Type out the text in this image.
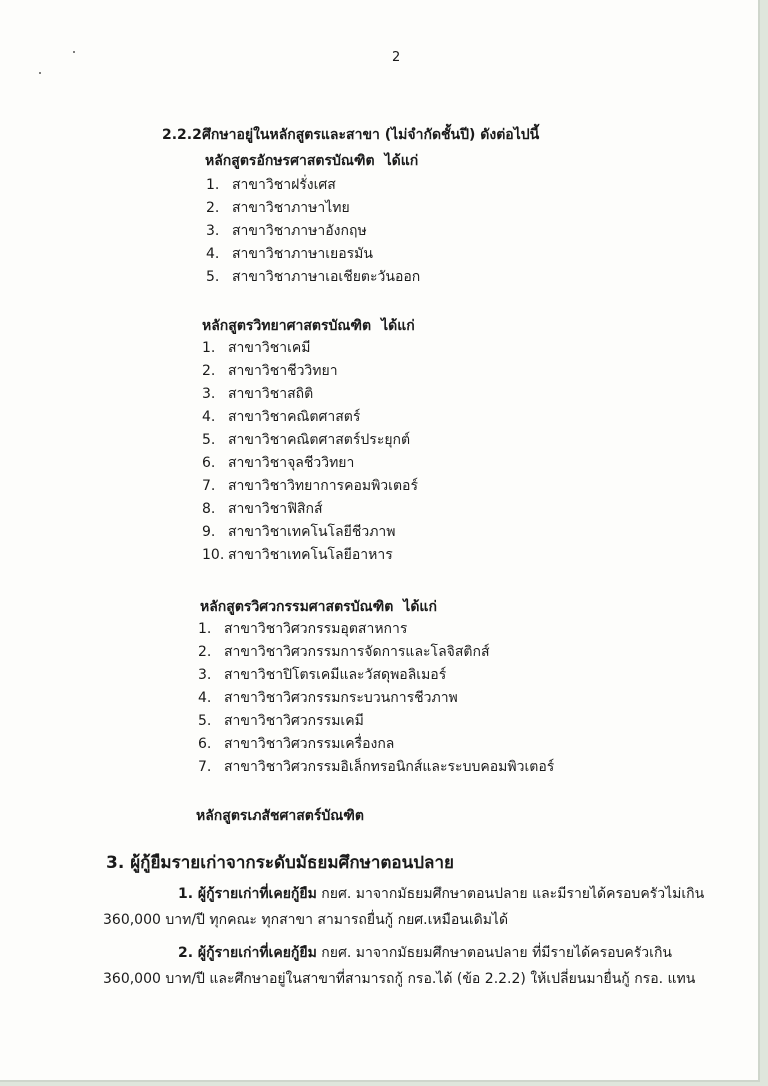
2
2.2.2ศึกษาอยู่ในหลักสูตรและสาขา (ไม่จำกัดชั้นปี) ดังต่อไปนี้
หลักสูตรอักษรศาสตรบัณฑิต ได้แก่
1. สาขาวิชาฝรั่งเศส
2. สาขาวิชาภาษาไทย
3. สาขาวิชาภาษาอังกฤษ
4. สาขาวิชาภาษาเยอรมัน
5. สาขาวิชาภาษาเอเชียตะวันออก
หลักสูตรวิทยาศาสตรบัณฑิต ได้แก่
1. สาขาวิชาเคมี
2. สาขาวิชาชีววิทยา
3. สาขาวิชาสถิติ
4. สาขาวิชาคณิตศาสตร์
5. สาขาวิชาคณิตศาสตร์ประยุกต์
6. สาขาวิชาจุลชีววิทยา
7. สาขาวิชาวิทยาการคอมพิวเตอร์
8. สาขาวิชาฟิสิกส์
9. สาขาวิชาเทคโนโลยีชีวภาพ
10. สาขาวิชาเทคโนโลยีอาหาร
หลักสูตรวิศวกรรมศาสตรบัณฑิต ได้แก่
1. สาขาวิชาวิศวกรรมอุตสาหการ
2. สาขาวิชาวิศวกรรมการจัดการและโลจิสติกส์
3. สาขาวิชาปิโตรเคมีและวัสดุพอลิเมอร์
4. สาขาวิชาวิศวกรรมกระบวนการชีวภาพ
5. สาขาวิชาวิศวกรรมเคมี
6. สาขาวิชาวิศวกรรมเครื่องกล
7. สาขาวิชาวิศวกรรมอิเล็กทรอนิกส์และระบบคอมพิวเตอร์
หลักสูตรเภสัชศาสตร์บัณฑิต
3. ผู้กู้ยืมรายเก่าจากระดับมัธยมศึกษาตอนปลาย
1. ผู้กู้รายเก่าที่เคยกู้ยืม กยศ. มาจากมัธยมศึกษาตอนปลาย และมีรายได้ครอบครัวไม่เกิน
360,000 บาท/ปี ทุกคณะ ทุกสาขา สามารถยื่นกู้ กยศ.เหมือนเดิมได้
2. ผู้กู้รายเก่าที่เคยกู้ยืม กยศ. มาจากมัธยมศึกษาตอนปลาย ที่มีรายได้ครอบครัวเกิน
360,000 บาท/ปี และศึกษาอยู่ในสาขาที่สามารถกู้ กรอ.ได้ (ข้อ 2.2.2) ให้เปลี่ยนมายื่นกู้ กรอ. แทน
